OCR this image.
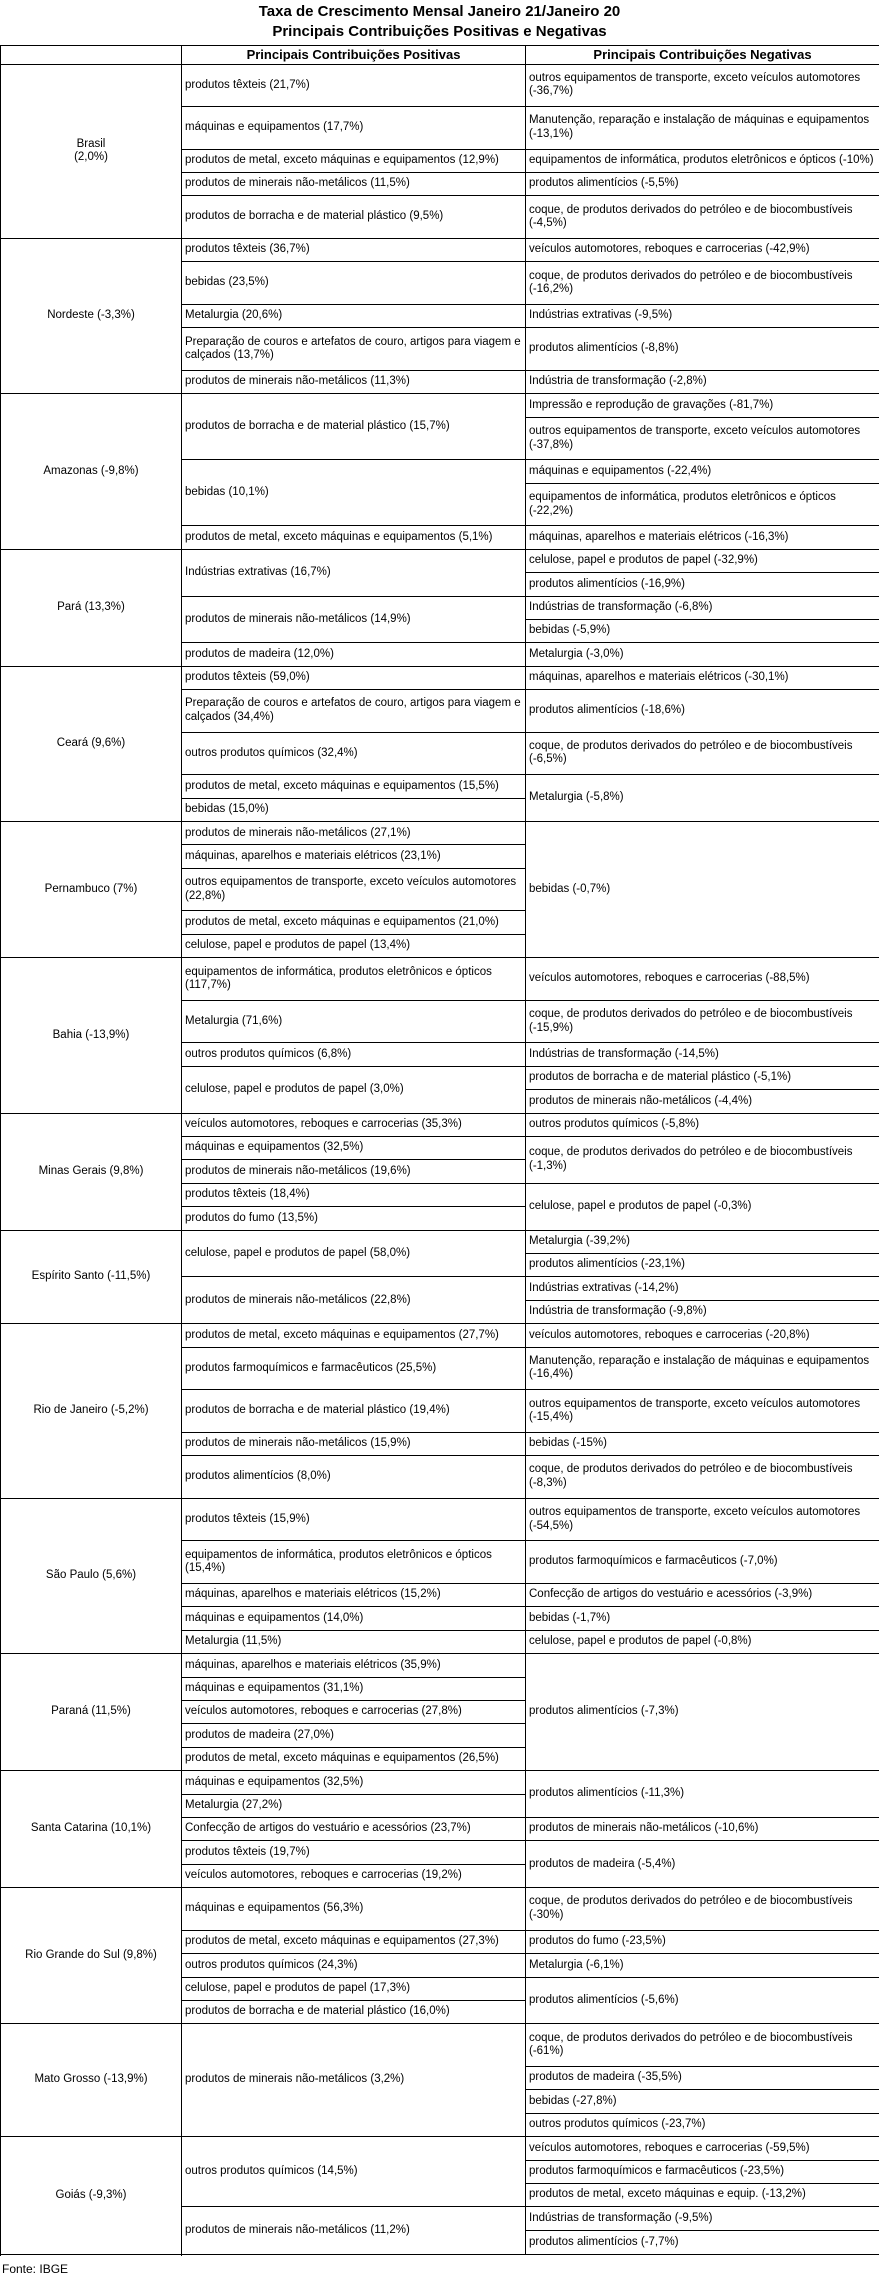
Taxa de Crescimento Mensal Janeiro 21/Janeiro 20
Principais Contribuições Positivas e Negativas
	Principais Contribuições Positivas	Principais Contribuições Negativas
Brasil
(2,0%)	produtos têxteis (21,7%)	outros equipamentos de transporte, exceto veículos automotores (-36,7%)

	máquinas e equipamentos (17,7%)	Manutenção, reparação e instalação de máquinas e equipamentos (-13,1%)

	produtos de metal, exceto máquinas e equipamentos (12,9%)	equipamentos de informática, produtos eletrônicos e ópticos (-10%)

	produtos de minerais não-metálicos (11,5%)	produtos alimentícios (-5,5%)
	produtos de borracha e de material plástico (9,5%)	coque, de produtos derivados do petróleo e de biocombustíveis (-4,5%)

Nordeste (-3,3%)	produtos têxteis (36,7%)	veículos automotores, reboques e carrocerias (-42,9%)
	bebidas (23,5%)	coque, de produtos derivados do petróleo e de biocombustíveis (-16,2%)

	Metalurgia (20,6%)	Indústrias extrativas (-9,5%)
	Preparação de couros e artefatos de couro, artigos para viagem e calçados (13,7%)	produtos alimentícios (-8,8%)

	produtos de minerais não-metálicos (11,3%)	Indústria de transformação (-2,8%)
Amazonas (-9,8%)	produtos de borracha e de material plástico (15,7%)	Impressão e reprodução de gravações (-81,7%)
		outros equipamentos de transporte, exceto veículos automotores (-37,8%)

	bebidas (10,1%)	máquinas e equipamentos (-22,4%)
		equipamentos de informática, produtos eletrônicos e ópticos (-22,2%)

	produtos de metal, exceto máquinas e equipamentos (5,1%)	máquinas, aparelhos e materiais elétricos (-16,3%)

Pará (13,3%)	Indústrias extrativas (16,7%)	celulose, papel e produtos de papel (-32,9%)
		produtos alimentícios (-16,9%)
	produtos de minerais não-metálicos (14,9%)	Indústrias de transformação (-6,8%)
		bebidas (-5,9%)
	produtos de madeira (12,0%)	Metalurgia (-3,0%)
Ceará (9,6%)	produtos têxteis (59,0%)	máquinas, aparelhos e materiais elétricos (-30,1%)
	Preparação de couros e artefatos de couro, artigos para viagem e calçados (34,4%)	produtos alimentícios (-18,6%)

	outros produtos químicos (32,4%)	coque, de produtos derivados do petróleo e de biocombustíveis (-6,5%)

	produtos de metal, exceto máquinas e equipamentos (15,5%)	Metalurgia (-5,8%)

	bebidas (15,0%)	
Pernambuco (7%)	produtos de minerais não-metálicos (27,1%)	bebidas (-0,7%)

	máquinas, aparelhos e materiais elétricos (23,1%)	
	outros equipamentos de transporte, exceto veículos automotores (22,8%)	

	produtos de metal, exceto máquinas e equipamentos (21,0%)	

	celulose, papel e produtos de papel (13,4%)	
Bahia (-13,9%)	equipamentos de informática, produtos eletrônicos e ópticos (117,7%)	veículos automotores, reboques e carrocerias (-88,5%)

	Metalurgia (71,6%)	coque, de produtos derivados do petróleo e de biocombustíveis (-15,9%)

	outros produtos químicos (6,8%)	Indústrias de transformação (-14,5%)
	celulose, papel e produtos de papel (3,0%)	produtos de borracha e de material plástico (-5,1%)
		produtos de minerais não-metálicos (-4,4%)
Minas Gerais (9,8%)	veículos automotores, reboques e carrocerias (35,3%)	outros produtos químicos (-5,8%)
	máquinas e equipamentos (32,5%)	coque, de produtos derivados do petróleo e de biocombustíveis (-1,3%)
	produtos de minerais não-metálicos (19,6%)	
	produtos têxteis (18,4%)	celulose, papel e produtos de papel (-0,3%)
	produtos do fumo (13,5%)	
Espírito Santo (-11,5%)	celulose, papel e produtos de papel (58,0%)	Metalurgia (-39,2%)
		produtos alimentícios (-23,1%)
	produtos de minerais não-metálicos (22,8%)	Indústrias extrativas (-14,2%)
		Indústria de transformação (-9,8%)
Rio de Janeiro (-5,2%)	produtos de metal, exceto máquinas e equipamentos (27,7%)	veículos automotores, reboques e carrocerias (-20,8%)

	produtos farmoquímicos e farmacêuticos (25,5%)	Manutenção, reparação e instalação de máquinas e equipamentos (-16,4%)

	produtos de borracha e de material plástico (19,4%)	outros equipamentos de transporte, exceto veículos automotores (-15,4%)

	produtos de minerais não-metálicos (15,9%)	bebidas (-15%)
	produtos alimentícios (8,0%)	coque, de produtos derivados do petróleo e de biocombustíveis (-8,3%)

São Paulo (5,6%)	produtos têxteis (15,9%)	outros equipamentos de transporte, exceto veículos automotores (-54,5%)

	equipamentos de informática, produtos eletrônicos e ópticos (15,4%)	produtos farmoquímicos e farmacêuticos (-7,0%)

	máquinas, aparelhos e materiais elétricos (15,2%)	Confecção de artigos do vestuário e acessórios (-3,9%)
	máquinas e equipamentos (14,0%)	bebidas (-1,7%)
	Metalurgia (11,5%)	celulose, papel e produtos de papel (-0,8%)
Paraná (11,5%)	máquinas, aparelhos e materiais elétricos (35,9%)	produtos alimentícios (-7,3%)
	máquinas e equipamentos (31,1%)	
	veículos automotores, reboques e carrocerias (27,8%)	
	produtos de madeira (27,0%)	
	produtos de metal, exceto máquinas e equipamentos (26,5%)	

Santa Catarina (10,1%)	máquinas e equipamentos (32,5%)	produtos alimentícios (-11,3%)
	Metalurgia (27,2%)	
	Confecção de artigos do vestuário e acessórios (23,7%)	produtos de minerais não-metálicos (-10,6%)

	produtos têxteis (19,7%)	produtos de madeira (-5,4%)
	veículos automotores, reboques e carrocerias (19,2%)	
Rio Grande do Sul (9,8%)	máquinas e equipamentos (56,3%)	coque, de produtos derivados do petróleo e de biocombustíveis (-30%)

	produtos de metal, exceto máquinas e equipamentos (27,3%)	produtos do fumo (-23,5%)

	outros produtos químicos (24,3%)	Metalurgia (-6,1%)
	celulose, papel e produtos de papel (17,3%)	produtos alimentícios (-5,6%)
	produtos de borracha e de material plástico (16,0%)	
Mato Grosso (-13,9%)	produtos de minerais não-metálicos (3,2%)	coque, de produtos derivados do petróleo e de biocombustíveis (-61%)

		produtos de madeira (-35,5%)
		bebidas (-27,8%)
		outros produtos químicos (-23,7%)
Goiás (-9,3%)	outros produtos químicos (14,5%)	veículos automotores, reboques e carrocerias (-59,5%)
		produtos farmoquímicos e farmacêuticos (-23,5%)
		produtos de metal, exceto máquinas e equip. (-13,2%)
	produtos de minerais não-metálicos (11,2%)	Indústrias de transformação (-9,5%)
		produtos alimentícios (-7,7%)

Fonte: IBGE
